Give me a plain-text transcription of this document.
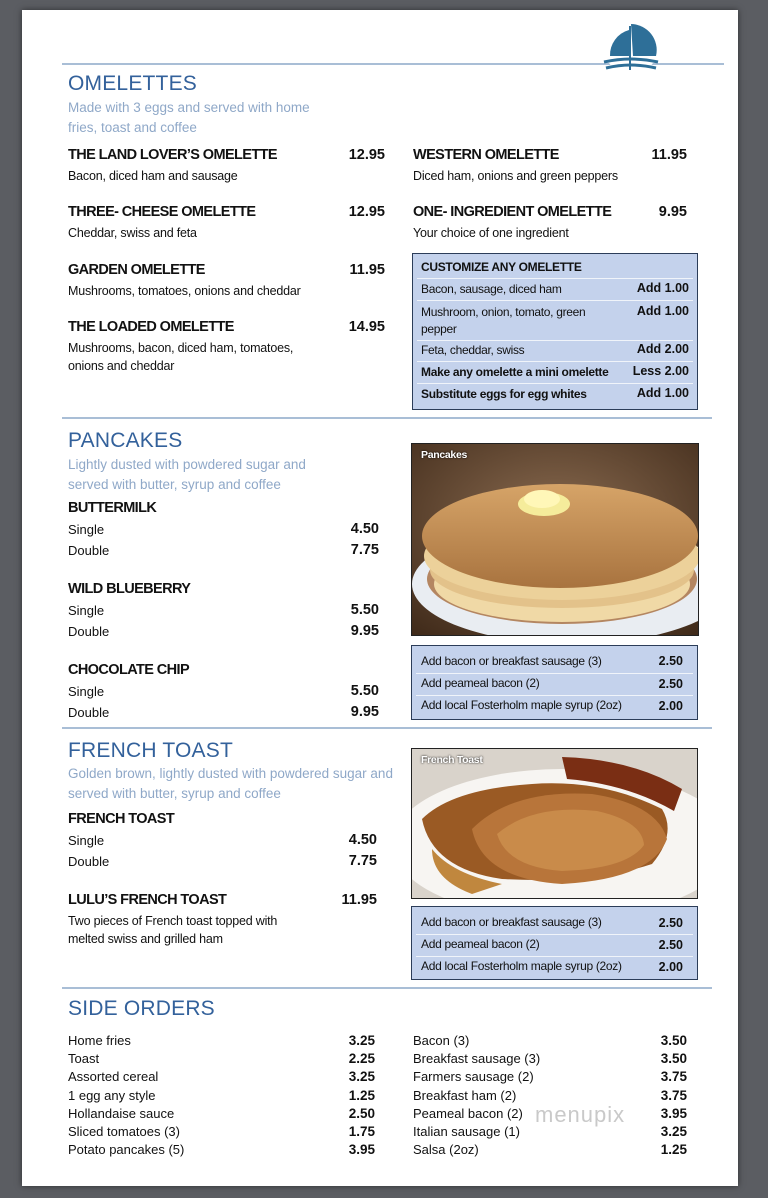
OMELETTES
Made with 3 eggs and served with home fries, toast and coffee
THE LAND LOVER’S OMELETTE
Bacon, diced ham and sausage
12.95
THREE- CHEESE OMELETTE
Cheddar, swiss and feta
12.95
GARDEN OMELETTE
Mushrooms, tomatoes, onions and cheddar
11.95
THE LOADED OMELETTE
Mushrooms, bacon, diced ham, tomatoes, onions and cheddar
14.95
WESTERN OMELETTE
Diced ham, onions and green peppers
11.95
ONE- INGREDIENT OMELETTE
Your choice of one ingredient
9.95
CUSTOMIZE ANY OMELETTE
Bacon, sausage, diced ham	Add 1.00
Mushroom, onion, tomato, green pepper
Add 1.00
Feta, cheddar, swiss	Add 2.00
Make any omelette a mini omelette	Less 2.00
Substitute eggs for egg whites	Add 1.00
PANCAKES
Lightly dusted with powdered sugar and served with butter, syrup and coffee
BUTTERMILK
Single	4.50
Double	7.75
WILD BLUEBERRY
Single	5.50
Double	9.95
CHOCOLATE CHIP
Single	5.50
Double	9.95
Pancakes
Add bacon or breakfast sausage (3)	2.50
Add peameal bacon (2)	2.50
Add local Fosterholm maple syrup (2oz)	2.00
FRENCH TOAST
Golden brown, lightly dusted with powdered sugar and served with butter, syrup and coffee
FRENCH TOAST
Single	4.50
Double	7.75
LULU’S FRENCH TOAST
Two pieces of French toast topped with melted swiss and grilled ham
11.95
French Toast
Add bacon or breakfast sausage (3)	2.50
Add peameal bacon (2)	2.50
Add local Fosterholm maple syrup (2oz)	2.00
SIDE ORDERS
Home fries	3.25
Toast	2.25
Assorted cereal	3.25
1 egg any style	1.25
Hollandaise sauce	2.50
Sliced tomatoes (3)	1.75
Potato pancakes (5)	3.95
Bacon (3)	3.50
Breakfast sausage (3)	3.50
Farmers sausage (2)	3.75
Breakfast ham (2)	3.75
Peameal bacon (2)	3.95
Italian sausage (1)	3.25
Salsa (2oz)	1.25
menupix
